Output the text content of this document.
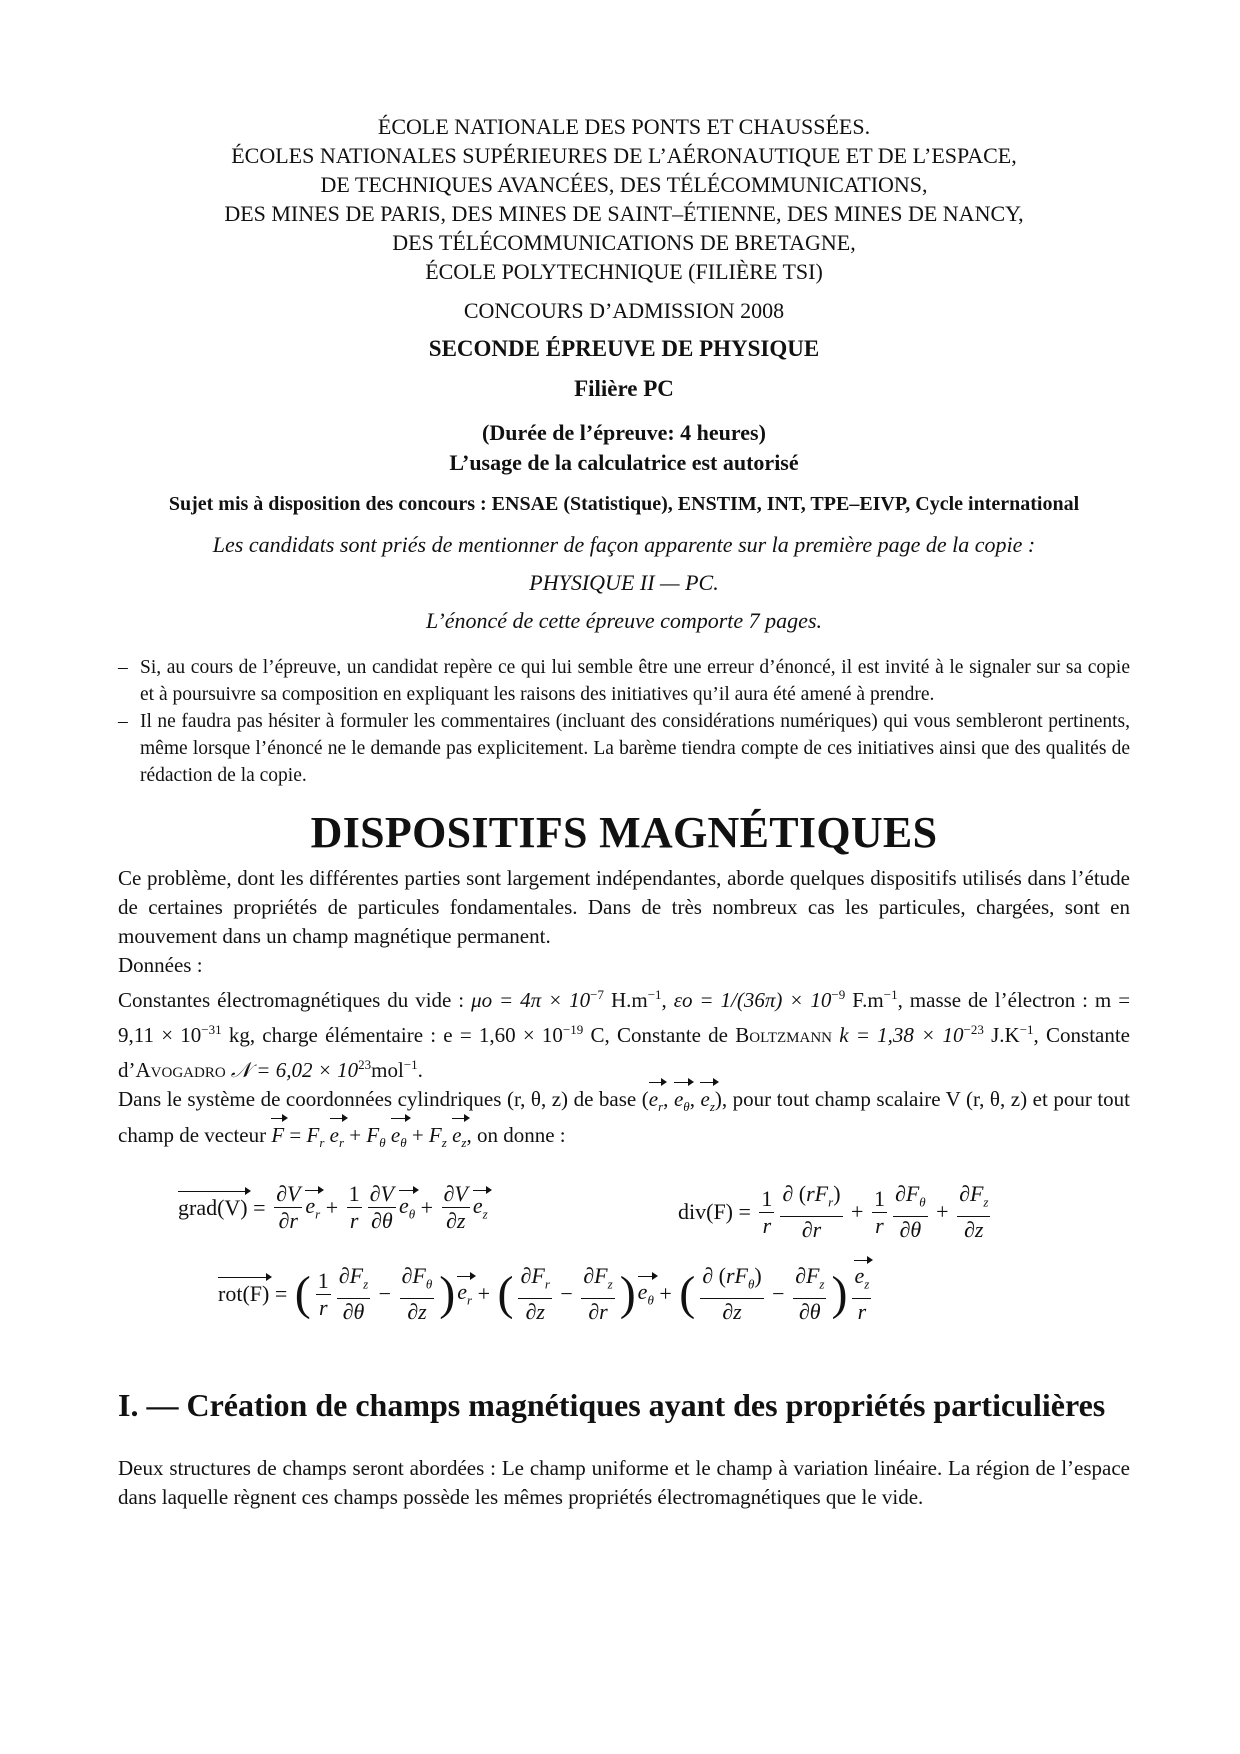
ÉCOLE NATIONALE DES PONTS ET CHAUSSÉES.
ÉCOLES NATIONALES SUPÉRIEURES DE L’AÉRONAUTIQUE ET DE L’ESPACE,
DE TECHNIQUES AVANCÉES, DES TÉLÉCOMMUNICATIONS,
DES MINES DE PARIS, DES MINES DE SAINT–ÉTIENNE, DES MINES DE NANCY,
DES TÉLÉCOMMUNICATIONS DE BRETAGNE,
ÉCOLE POLYTECHNIQUE (FILIÈRE TSI)
CONCOURS D’ADMISSION 2008
SECONDE ÉPREUVE DE PHYSIQUE
Filière PC
(Durée de l’épreuve: 4 heures)
L’usage de la calculatrice est autorisé
Sujet mis à disposition des concours : ENSAE (Statistique), ENSTIM, INT, TPE–EIVP, Cycle international
Les candidats sont priés de mentionner de façon apparente sur la première page de la copie :
PHYSIQUE II — PC.
L’énoncé de cette épreuve comporte 7 pages.
– Si, au cours de l’épreuve, un candidat repère ce qui lui semble être une erreur d’énoncé, il est invité à le signaler sur sa copie et à poursuivre sa composition en expliquant les raisons des initiatives qu’il aura été amené à prendre.
– Il ne faudra pas hésiter à formuler les commentaires (incluant des considérations numériques) qui vous sembleront pertinents, même lorsque l’énoncé ne le demande pas explicitement. La barème tiendra compte de ces initiatives ainsi que des qualités de rédaction de la copie.
DISPOSITIFS MAGNÉTIQUES

Ce problème, dont les différentes parties sont largement indépendantes, aborde quelques dispositifs utilisés dans l’étude de certaines propriétés de particules fondamentales. Dans de très nombreux cas les particules, chargées, sont en mouvement dans un champ magnétique permanent.

Données :

Constantes électromagnétiques du vide : $\mu o = 4\pi \times 10^{-7}$ $H.m^{-1}$, $\varepsilon o = 1/(36\pi) \times 10^{-9}$ $F.m^{-1}$, masse de l’électron : $m = 9,11 \times 10^{-31}$ kg, charge élémentaire : $e = 1,60 \times 10^{-19}$ C, Constante de Boltzmann $k = 1,38 \times 10^{-23}$ $J.K^{-1}$, Constante d’Avogadro 𝒩 = $6,02 \times 10^{23}mol^{-1}$.

Dans le système de coordonnées cylindriques (r, θ, z) de base ($e_r$, $e_\theta$, $e_z$), pour tout champ scalaire V (r, θ, z) et pour tout champ de vecteur $F = F_r$ $e_r + F_\theta$ $e_\theta + F_z$ $e_z$, on donne :

grad(V) = $\frac{\partial V}{\partial r} e_r + \frac{1}{r} \frac{\partial V}{\partial\theta} e_\theta + \frac{\partial V}{\partial z} e_z$	$div(F) = \frac{1}{r} \frac{\partial (rF_r)}{\partial r} + \frac{1}{r} \frac{\partial F_\theta}{\partial\theta} + \frac{\partial F_z}{\partial z}$
rot(F) = ( $\frac{1}{r} \frac{\partial F_z}{\partial\theta} - \frac{\partial F_\theta}{\partial z}$ ) $e_r$ + ( $\frac{\partial F_r}{\partial z} - \frac{\partial F_z}{\partial r}$ ) $e_\theta$ + ( $\frac{\partial (rF_\theta)}{\partial z} - \frac{\partial F_z}{\partial\theta}$ ) $\frac{e_z}{r}$
I. — Création de champs magnétiques ayant des propriétés particulières

Deux structures de champs seront abordées : Le champ uniforme et le champ à variation linéaire. La région de l’espace dans laquelle règnent ces champs possède les mêmes propriétés électromagnétiques que le vide.
